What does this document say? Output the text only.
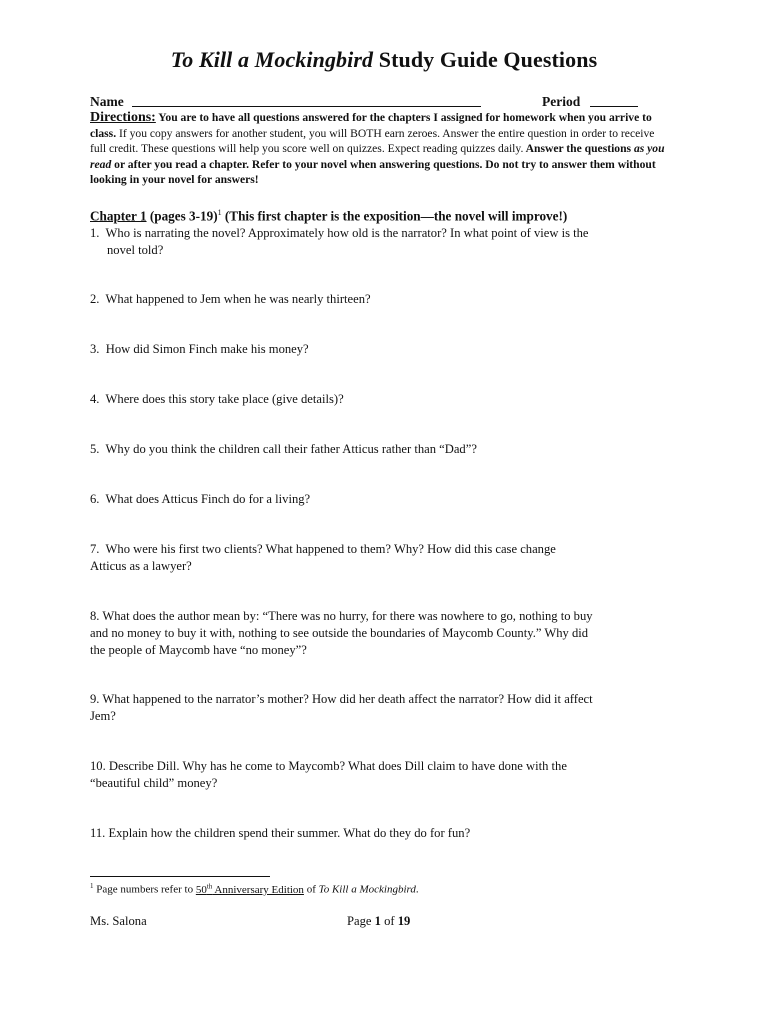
To Kill a Mockingbird Study Guide Questions
Name	Period
Directions: You are to have all questions answered for the chapters I assigned for homework when you arrive to class. If you copy answers for another student, you will BOTH earn zeroes. Answer the entire question in order to receive full credit. These questions will help you score well on quizzes. Expect reading quizzes daily. Answer the questions as you read or after you read a chapter. Refer to your novel when answering questions. Do not try to answer them without looking in your novel for answers!
Chapter 1 (pages 3-19)$^1$ (This first chapter is the exposition—the novel will improve!)
1. Who is narrating the novel? Approximately how old is the narrator? In what point of view is the
novel told?
2. What happened to Jem when he was nearly thirteen?
3. How did Simon Finch make his money?
4. Where does this story take place (give details)?
5. Why do you think the children call their father Atticus rather than “Dad”?
6. What does Atticus Finch do for a living?
7. Who were his first two clients? What happened to them? Why? How did this case change Atticus as a lawyer?
8. What does the author mean by: “There was no hurry, for there was nowhere to go, nothing to buy and no money to buy it with, nothing to see outside the boundaries of Maycomb County.” Why did the people of Maycomb have “no money”?
9. What happened to the narrator’s mother? How did her death affect the narrator? How did it affect Jem?
10. Describe Dill. Why has he come to Maycomb? What does Dill claim to have done with the “beautiful child” money?
11. Explain how the children spend their summer. What do they do for fun?
$^1$ Page numbers refer to 50th Anniversary Edition of To Kill a Mockingbird.
Ms. Salona	Page 1 of 19
